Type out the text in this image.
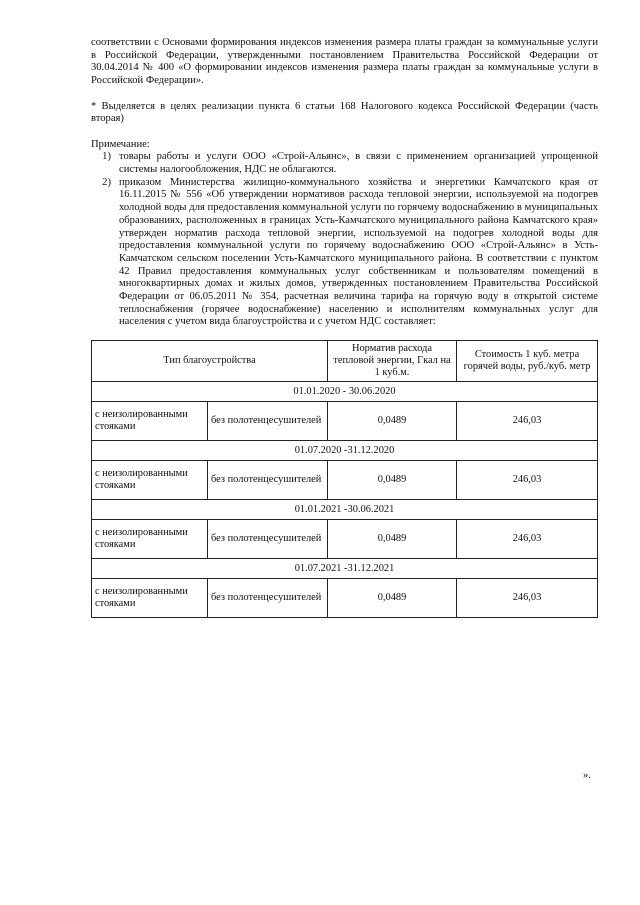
соответствии с Основами формирования индексов изменения размера платы граждан за коммунальные услуги в Российской Федерации, утвержденными постановлением Правительства Российской Федерации от 30.04.2014 № 400 «О формировании индексов изменения размера платы граждан за коммунальные услуги в Российской Федерации».

* Выделяется в целях реализации пункта 6 статьи 168 Налогового кодекса Российской Федерации (часть вторая)

Примечание:

1) товары работы и услуги ООО «Строй-Альянс», в связи с применением организацией упрощенной системы налогообложения, НДС не облагаются.
2) приказом Министерства жилищно-коммунального хозяйства и энергетики Камчатского края от 16.11.2015 № 556 «Об утверждении нормативов расхода тепловой энергии, используемой на подогрев холодной воды для предоставления коммунальной услуги по горячему водоснабжению в муниципальных образованиях, расположенных в границах Усть-Камчатского муниципального района Камчатского края» утвержден норматив расхода тепловой энергии, используемой на подогрев холодной воды для предоставления коммунальной услуги по горячему водоснабжению ООО «Строй-Альянс» в Усть-Камчатском сельском поселении Усть-Камчатского муниципального района. В соответствии с пунктом 42 Правил предоставления коммунальных услуг собственникам и пользователям помещений в многоквартирных домах и жилых домов, утвержденных постановлением Правительства Российской Федерации от 06.05.2011 № 354, расчетная величина тарифа на горячую воду в открытой системе теплоснабжения (горячее водоснабжение) населению и исполнителям коммунальных услуг для населения с учетом вида благоустройства и с учетом НДС составляет:
Тип благоустройства		Норматив расхода тепловой энергии, Гкал на 1 куб.м.	Стоимость 1 куб. метра горячей воды, руб./куб. метр
01.01.2020 - 30.06.2020			
с неизолированными стояками	без полотенцесушителей	0,0489	246,03
01.07.2020 -31.12.2020			
с неизолированными стояками	без полотенцесушителей	0,0489	246,03
01.01.2021 -30.06.2021			
с неизолированными стояками	без полотенцесушителей	0,0489	246,03
01.07.2021 -31.12.2021			
с неизолированными стояками	без полотенцесушителей	0,0489	246,03
».
